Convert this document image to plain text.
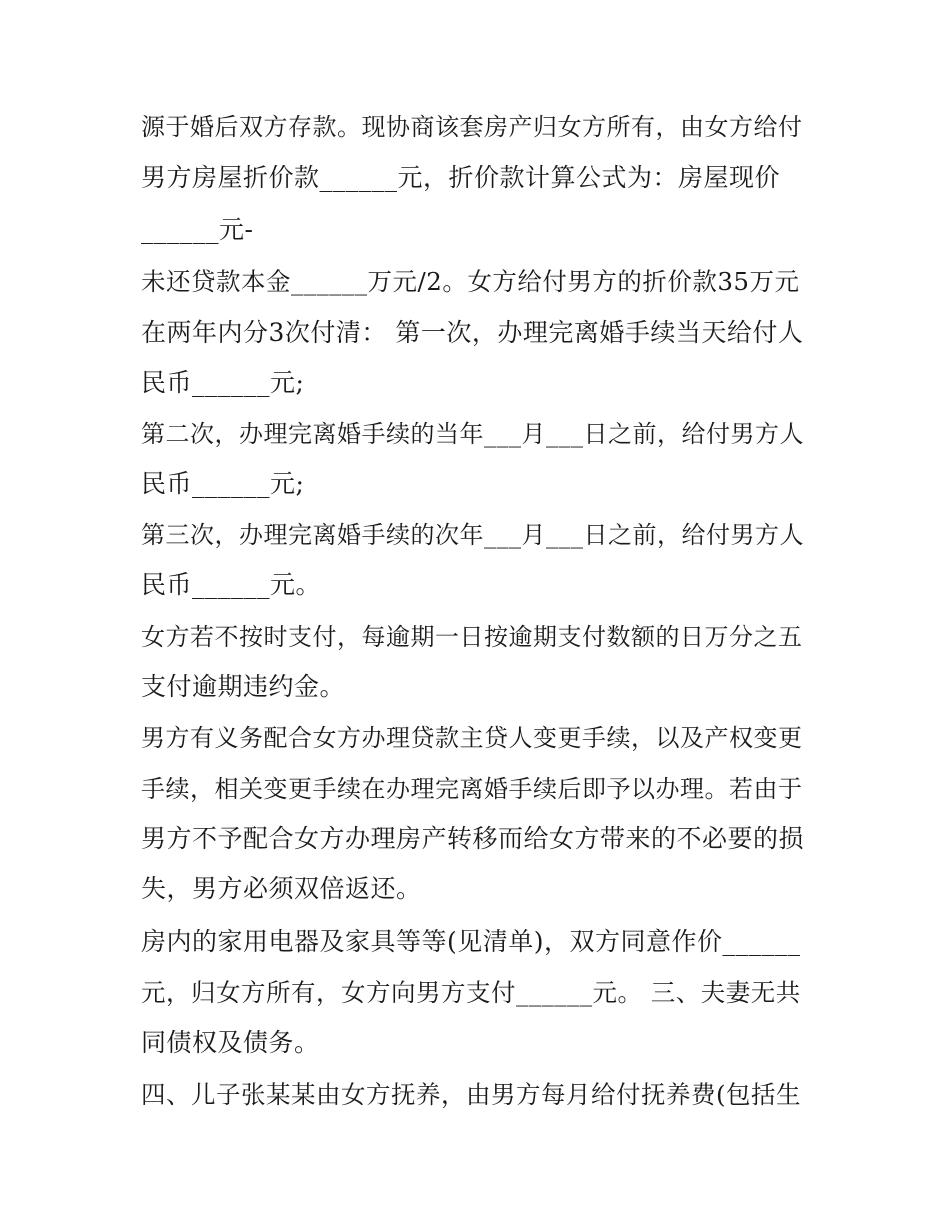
源于婚后双方存款。现协商该套房产归女方所有，由女方给付
男方房屋折价款______元，折价款计算公式为：房屋现价
______元-
未还贷款本金______万元/2。女方给付男方的折价款35万元
在两年内分3次付清： 第一次，办理完离婚手续当天给付人
民币______元;
第二次，办理完离婚手续的当年___月___日之前，给付男方人
民币______元;
第三次，办理完离婚手续的次年___月___日之前，给付男方人
民币______元。
女方若不按时支付，每逾期一日按逾期支付数额的日万分之五
支付逾期违约金。
男方有义务配合女方办理贷款主贷人变更手续，以及产权变更
手续，相关变更手续在办理完离婚手续后即予以办理。若由于
男方不予配合女方办理房产转移而给女方带来的不必要的损
失，男方必须双倍返还。
房内的家用电器及家具等等(见清单)，双方同意作价______
元，归女方所有，女方向男方支付______元。 三、夫妻无共
同债权及债务。
四、儿子张某某由女方抚养，由男方每月给付抚养费(包括生
